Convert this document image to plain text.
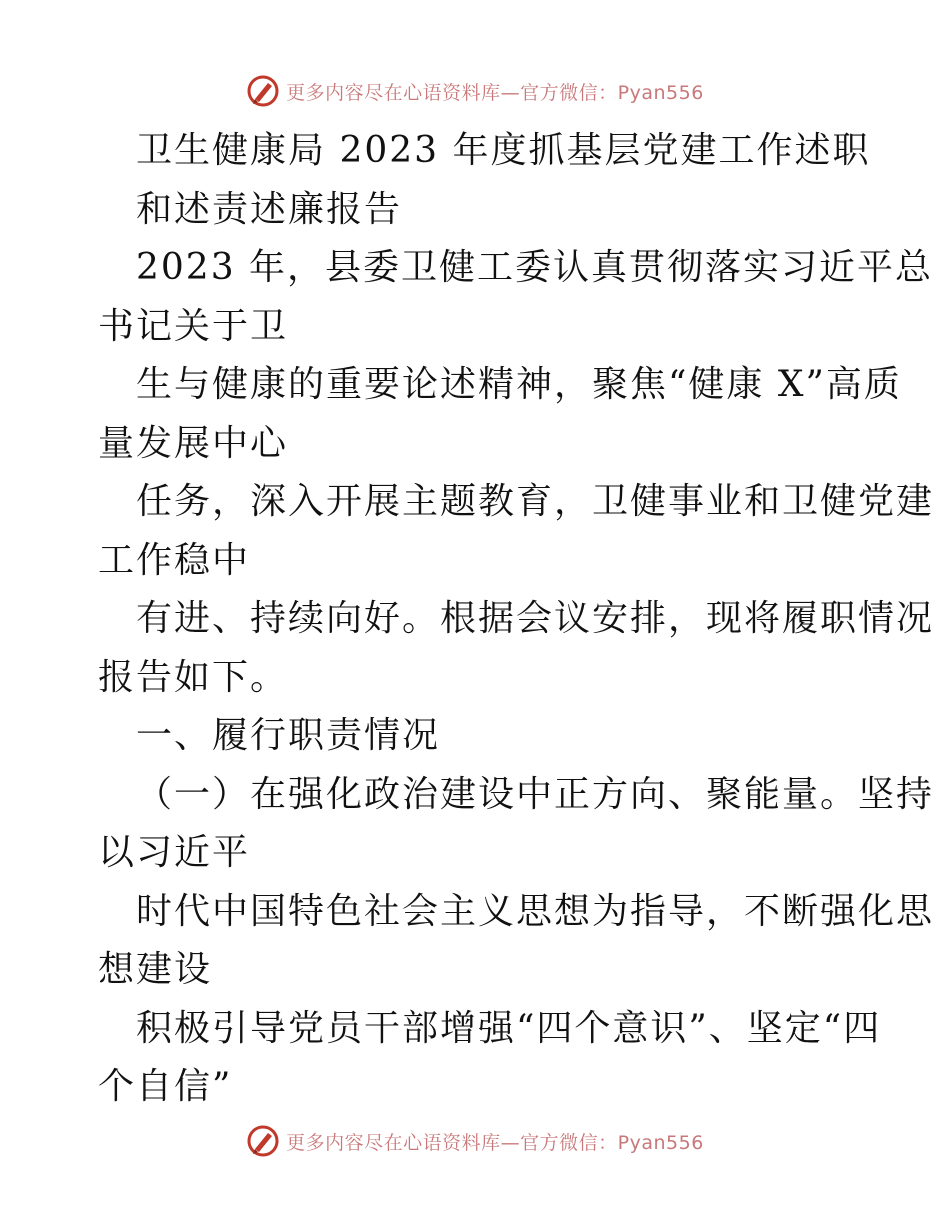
更多内容尽在心语资料库—官方微信：Pyan556
卫生健康局 2023 年度抓基层党建工作述职
和述责述廉报告
2023 年，县委卫健工委认真贯彻落实习近平总
书记关于卫
生与健康的重要论述精神，聚焦“健康 X”高质
量发展中心
任务，深入开展主题教育，卫健事业和卫健党建
工作稳中
有进、持续向好。根据会议安排，现将履职情况
报告如下。
一、履行职责情况
（一）在强化政治建设中正方向、聚能量。坚持
以习近平
时代中国特色社会主义思想为指导，不断强化思
想建设
积极引导党员干部增强“四个意识”、坚定“四
个自信”
更多内容尽在心语资料库—官方微信：Pyan556
